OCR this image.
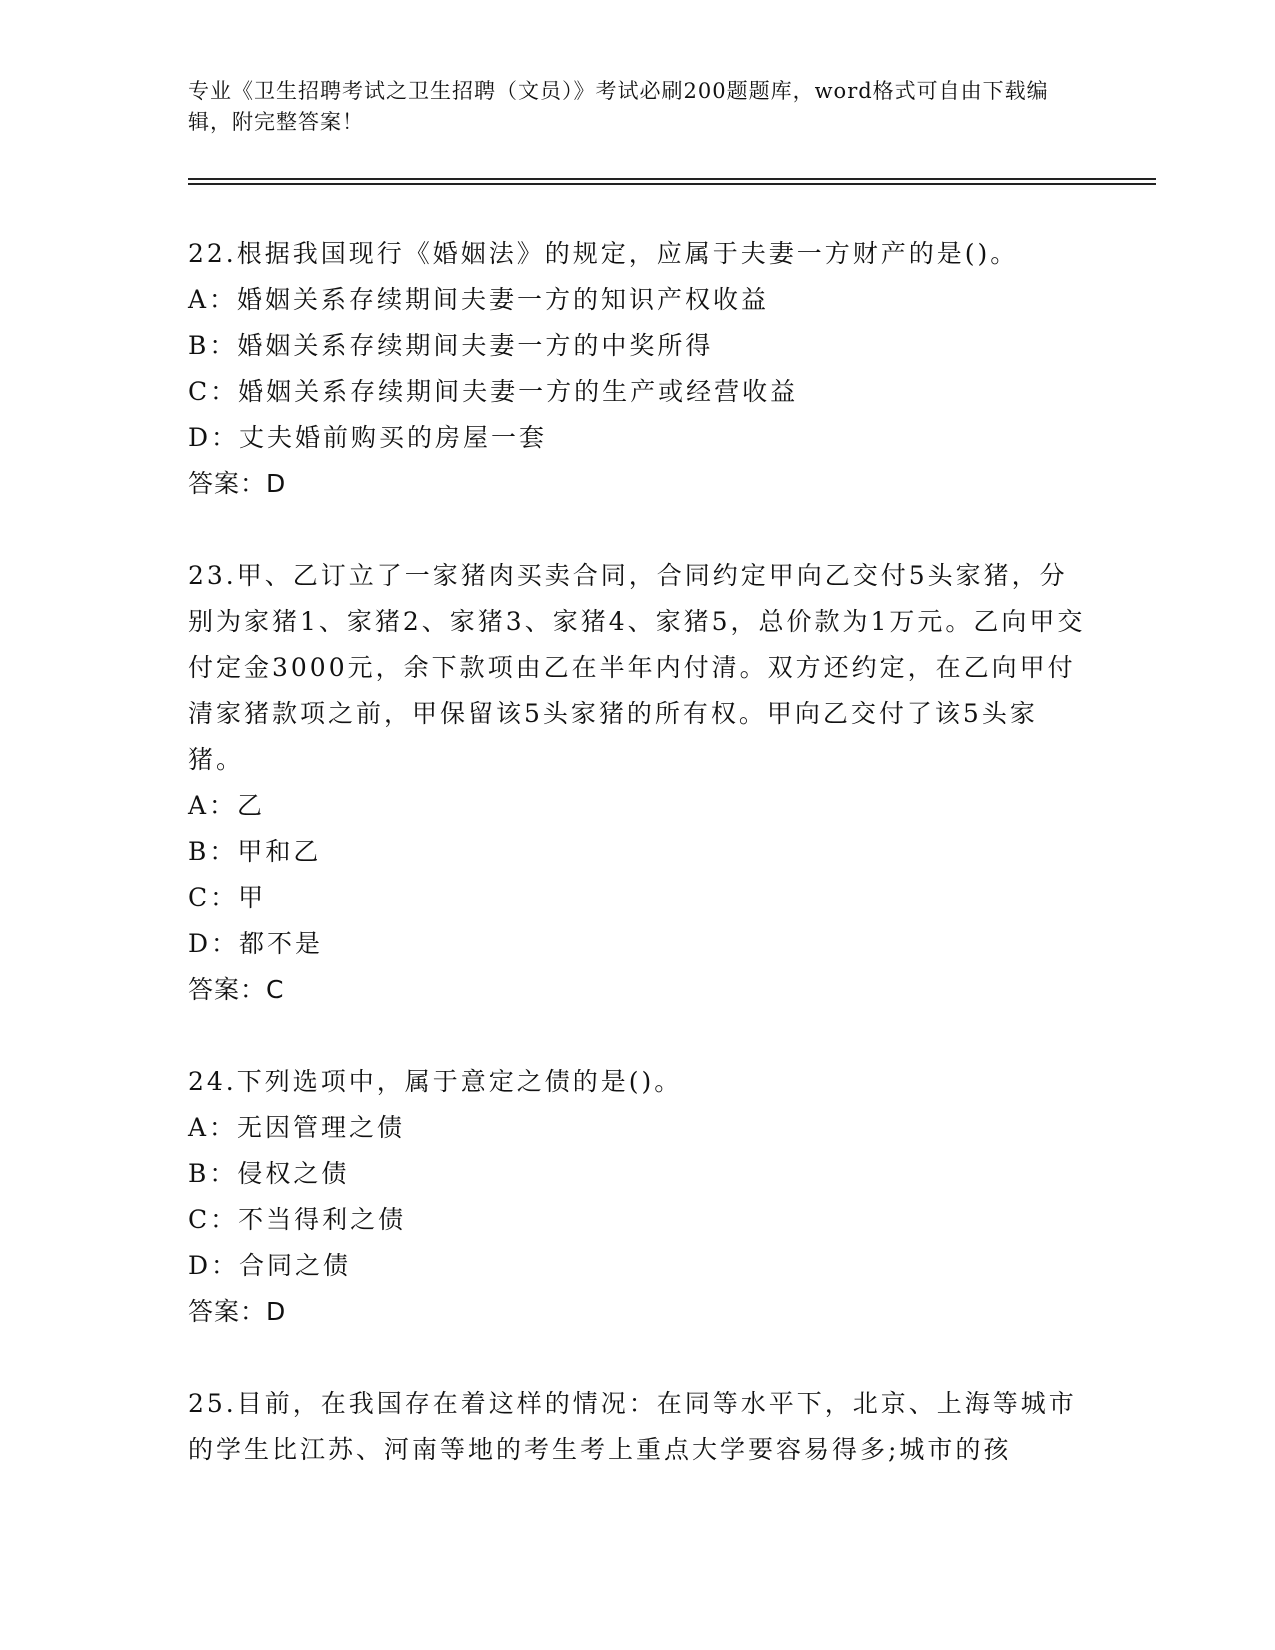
专业《卫生招聘考试之卫生招聘（文员）》考试必刷200题题库，word格式可自由下载编辑，附完整答案！
22.根据我国现行《婚姻法》的规定，应属于夫妻一方财产的是()。
A：婚姻关系存续期间夫妻一方的知识产权收益
B：婚姻关系存续期间夫妻一方的中奖所得
C：婚姻关系存续期间夫妻一方的生产或经营收益
D：丈夫婚前购买的房屋一套
答案：D
23.甲、乙订立了一家猪肉买卖合同，合同约定甲向乙交付5头家猪，分别为家猪1、家猪2、家猪3、家猪4、家猪5，总价款为1万元。乙向甲交付定金3000元，余下款项由乙在半年内付清。双方还约定，在乙向甲付清家猪款项之前，甲保留该5头家猪的所有权。甲向乙交付了该5头家猪。
A：乙
B：甲和乙
C：甲
D：都不是
答案：C
24.下列选项中，属于意定之债的是()。
A：无因管理之债
B：侵权之债
C：不当得利之债
D：合同之债
答案：D
25.目前，在我国存在着这样的情况：在同等水平下，北京、上海等城市的学生比江苏、河南等地的考生考上重点大学要容易得多;城市的孩
